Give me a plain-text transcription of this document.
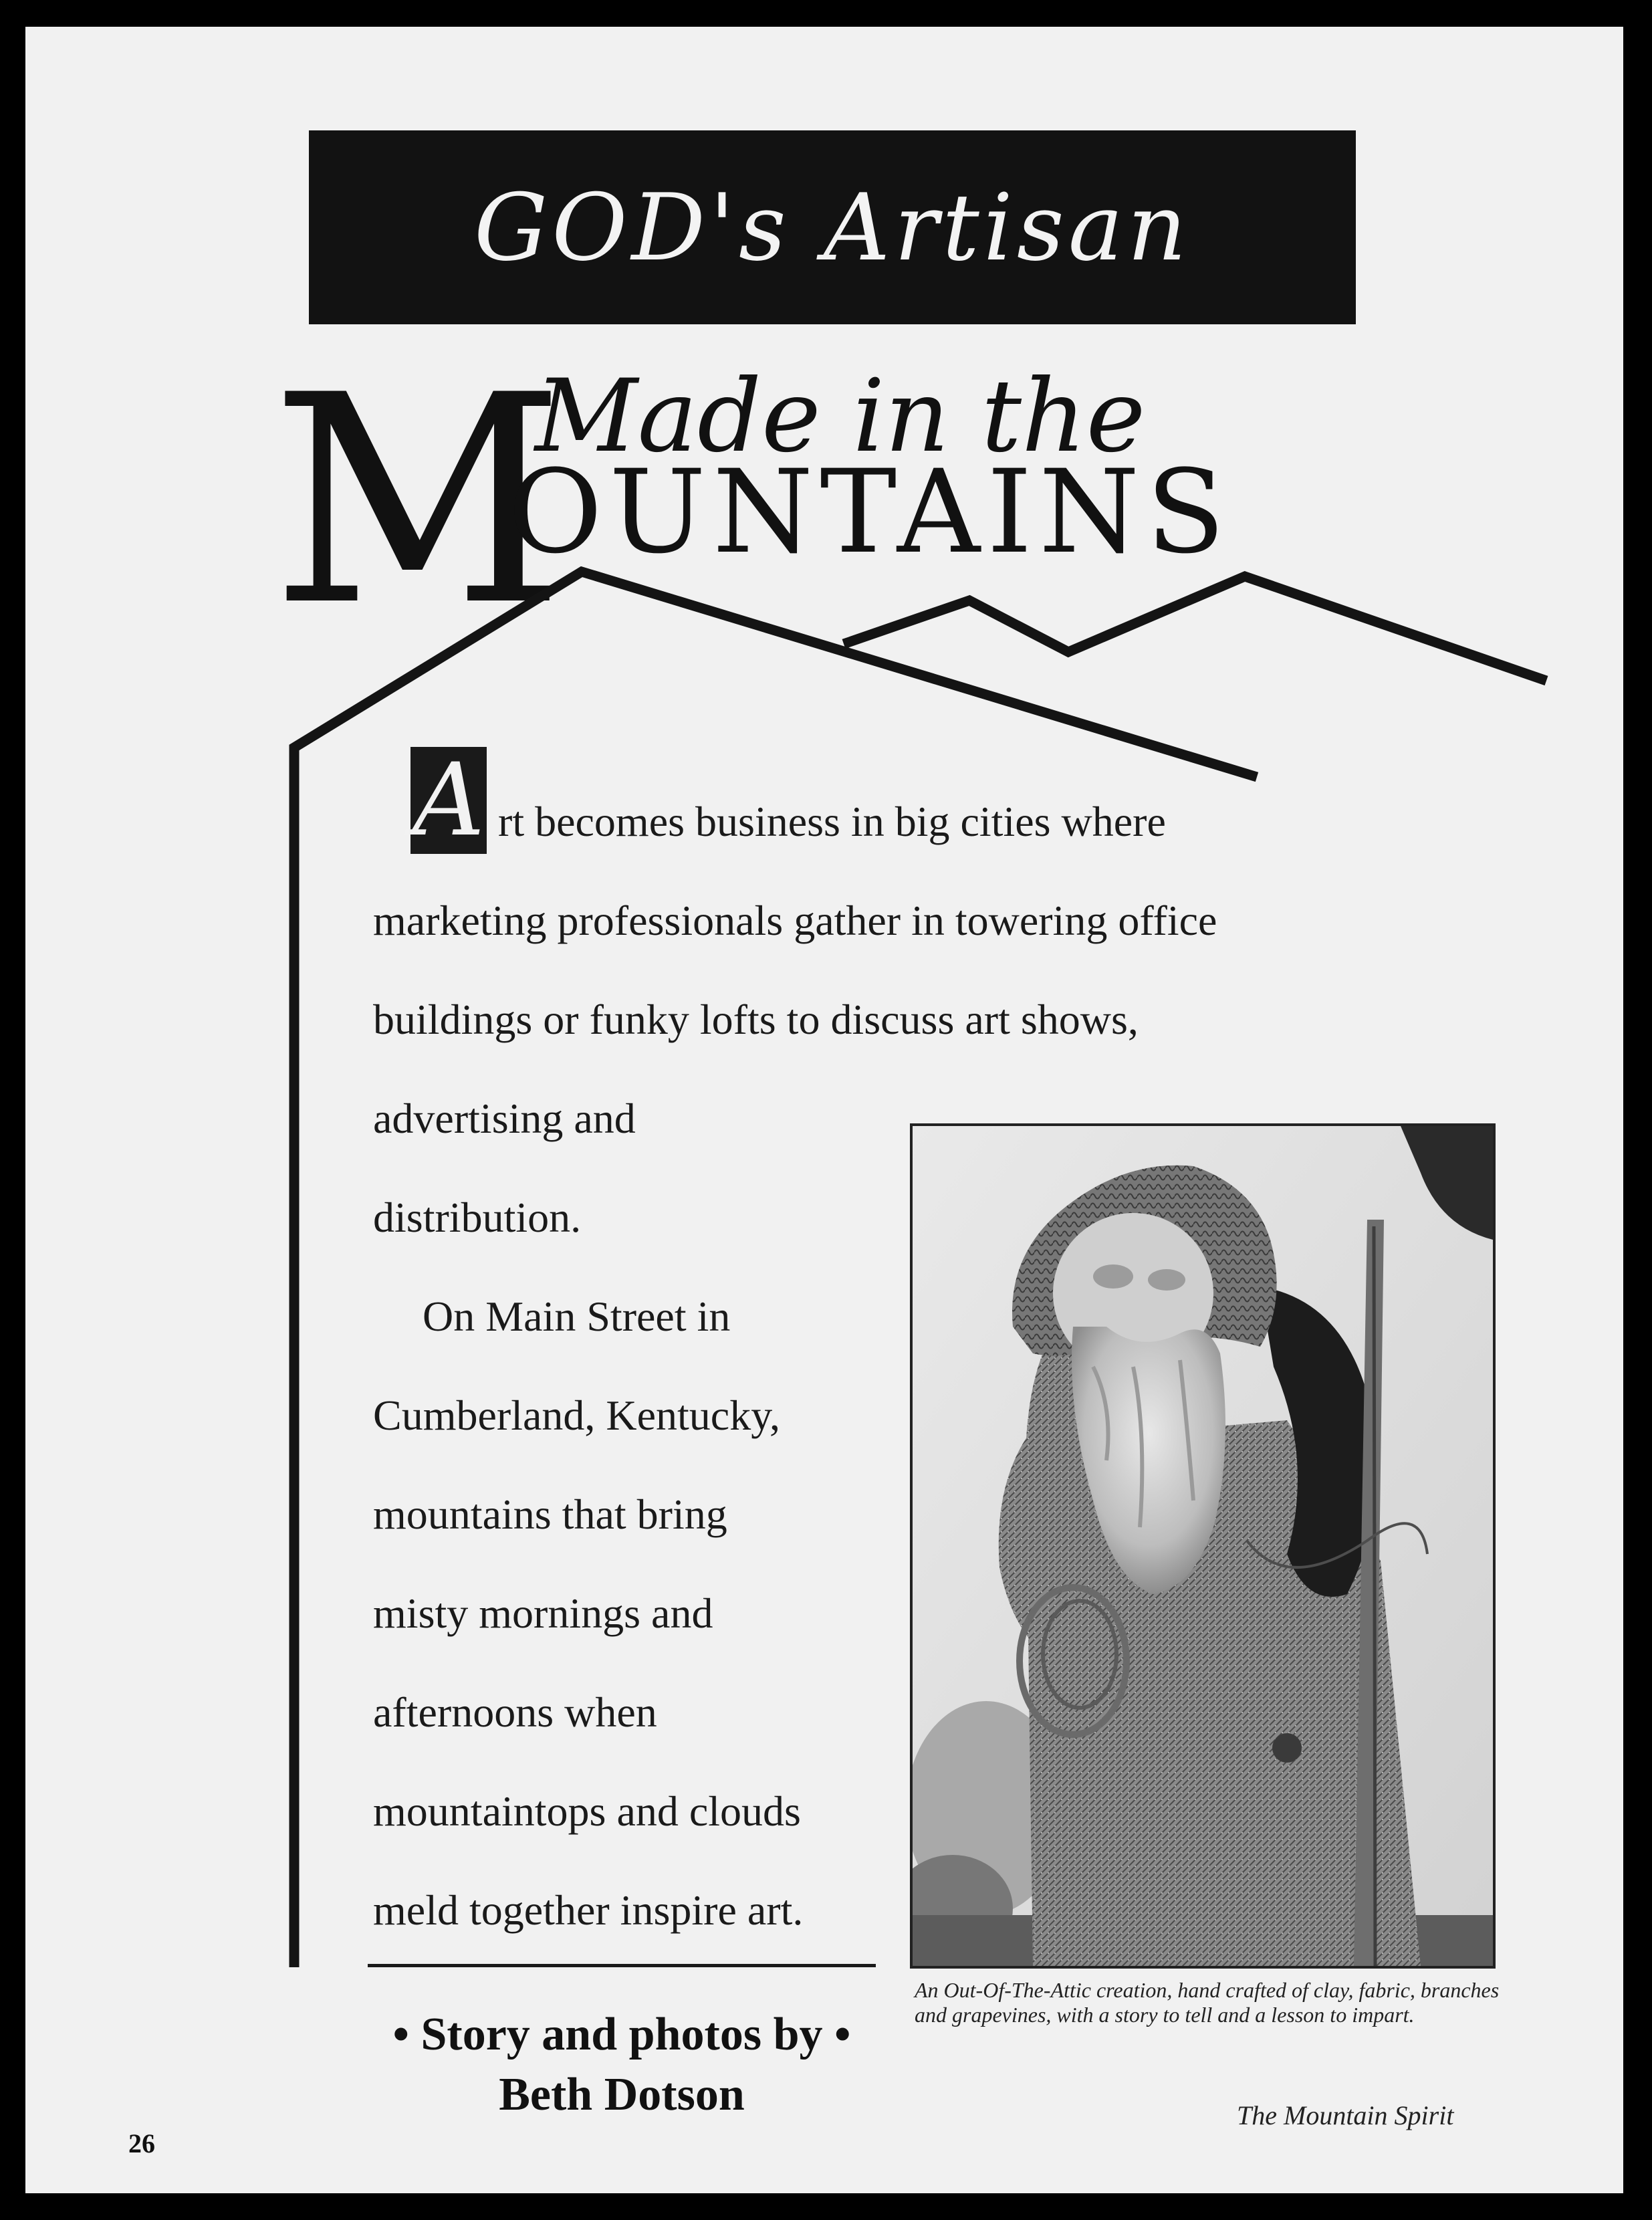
GOD's Artisan
M
Made in the
OUNTAINS
A rt becomes business in big cities where
marketing professionals gather in towering office
buildings or funky lofts to discuss art shows,
advertising and
distribution.
On Main Street in
Cumberland, Kentucky,
mountains that bring
misty mornings and
afternoons when
mountaintops and clouds
meld together inspire art.
• Story and photos by •
Beth Dotson
An Out-Of-The-Attic creation, hand crafted of clay, fabric, branches and grapevines, with a story to tell and a lesson to impart.
The Mountain Spirit
26
